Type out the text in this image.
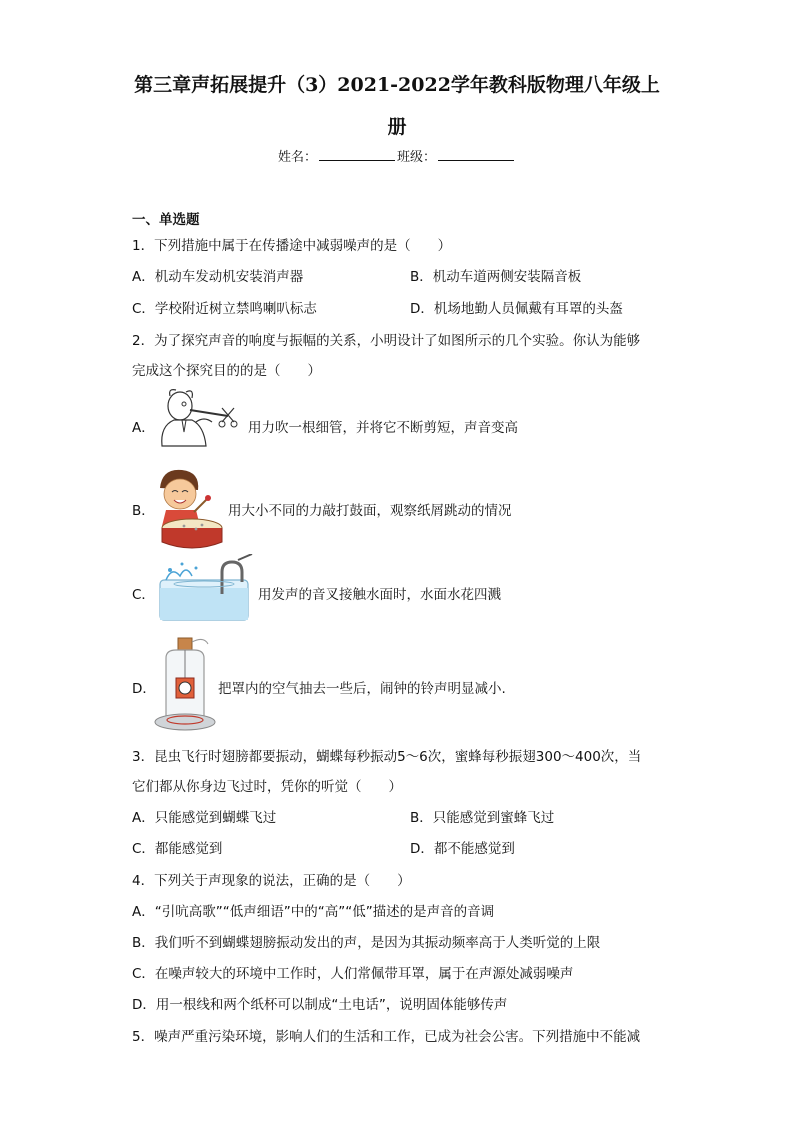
第三章声拓展提升（3）2021-2022学年教科版物理八年级上
册
姓名：	班级：
一、单选题
1．下列措施中属于在传播途中减弱噪声的是（　　）
A．机动车发动机安装消声器	B．机动车道两侧安装隔音板
C．学校附近树立禁鸣喇叭标志	D．机场地勤人员佩戴有耳罩的头盔
2．为了探究声音的响度与振幅的关系，小明设计了如图所示的几个实验。你认为能够
完成这个探究目的的是（　　）
A．	用力吹一根细管，并将它不断剪短，声音变高
B．	用大小不同的力敲打鼓面，观察纸屑跳动的情况
C．	用发声的音叉接触水面时，水面水花四溅
D．	把罩内的空气抽去一些后，闹钟的铃声明显减小.
3．昆虫飞行时翅膀都要振动，蝴蝶每秒振动5～6次，蜜蜂每秒振翅300～400次，当
它们都从你身边飞过时，凭你的听觉（　　）
A．只能感觉到蝴蝶飞过	B．只能感觉到蜜蜂飞过
C．都能感觉到	D．都不能感觉到
4．下列关于声现象的说法，正确的是（　　）
A．“引吭高歌”“低声细语”中的“高”“低”描述的是声音的音调
B．我们听不到蝴蝶翅膀振动发出的声，是因为其振动频率高于人类听觉的上限
C．在噪声较大的环境中工作时，人们常佩带耳罩，属于在声源处减弱噪声
D．用一根线和两个纸杯可以制成“土电话”，说明固体能够传声
5．噪声严重污染环境，影响人们的生活和工作，已成为社会公害。下列措施中不能减
